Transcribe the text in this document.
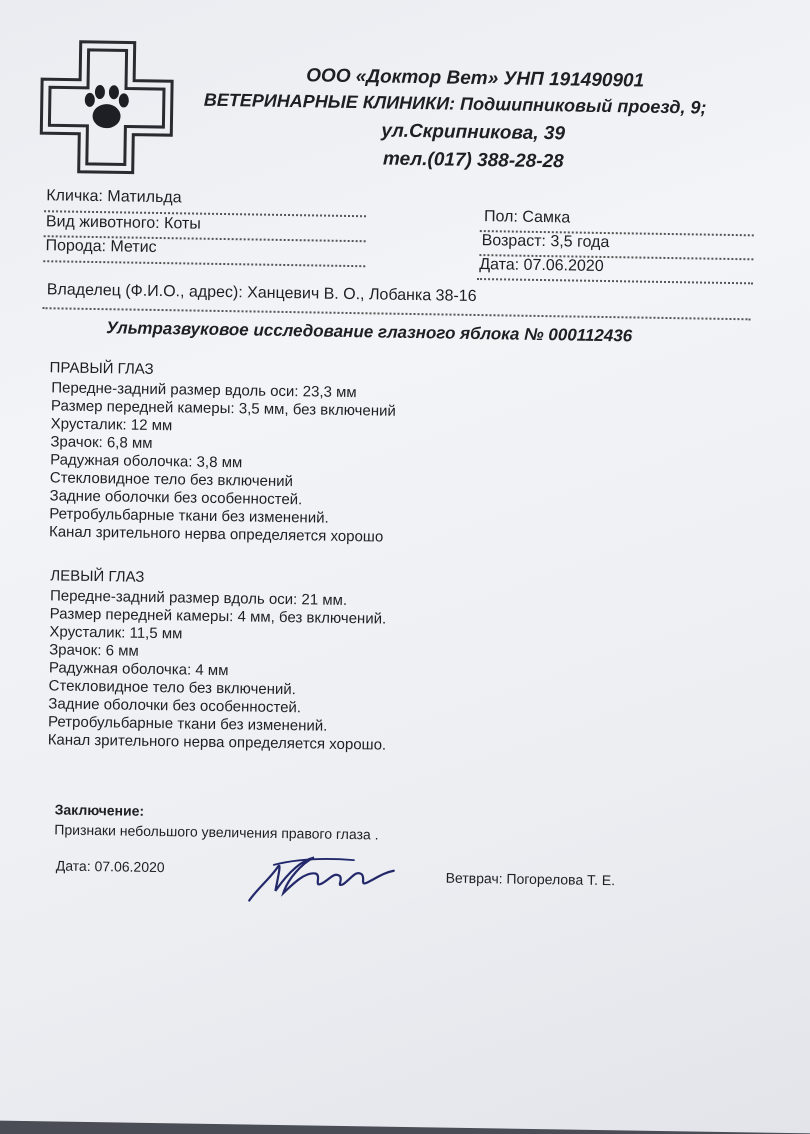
ООО «Доктор Вет» УНП 191490901
ВЕТЕРИНАРНЫЕ КЛИНИКИ: Подшипниковый проезд, 9;
ул.Скрипникова, 39
тел.(017) 388-28-28
Кличка: Матильда
Вид животного: Коты
Порода: Метис
Пол: Самка
Возраст: 3,5 года
Дата: 07.06.2020
Владелец (Ф.И.О., адрес): Ханцевич В. О., Лобанка 38-16
Ультразвуковое исследование глазного яблока № 000112436
ПРАВЫЙ ГЛАЗ
Передне-задний размер вдоль оси: 23,3 мм
Размер передней камеры: 3,5 мм, без включений
Хрусталик: 12 мм
Зрачок: 6,8 мм
Радужная оболочка: 3,8 мм
Стекловидное тело без включений
Задние оболочки без особенностей.
Ретробульбарные ткани без изменений.
Канал зрительного нерва определяется хорошо
ЛЕВЫЙ ГЛАЗ
Передне-задний размер вдоль оси: 21 мм.
Размер передней камеры: 4 мм, без включений.
Хрусталик: 11,5 мм
Зрачок: 6 мм
Радужная оболочка: 4 мм
Стекловидное тело без включений.
Задние оболочки без особенностей.
Ретробульбарные ткани без изменений.
Канал зрительного нерва определяется хорошо.
Заключение:
Признаки небольшого увеличения правого глаза .
Дата: 07.06.2020
Ветврач: Погорелова Т. Е.
